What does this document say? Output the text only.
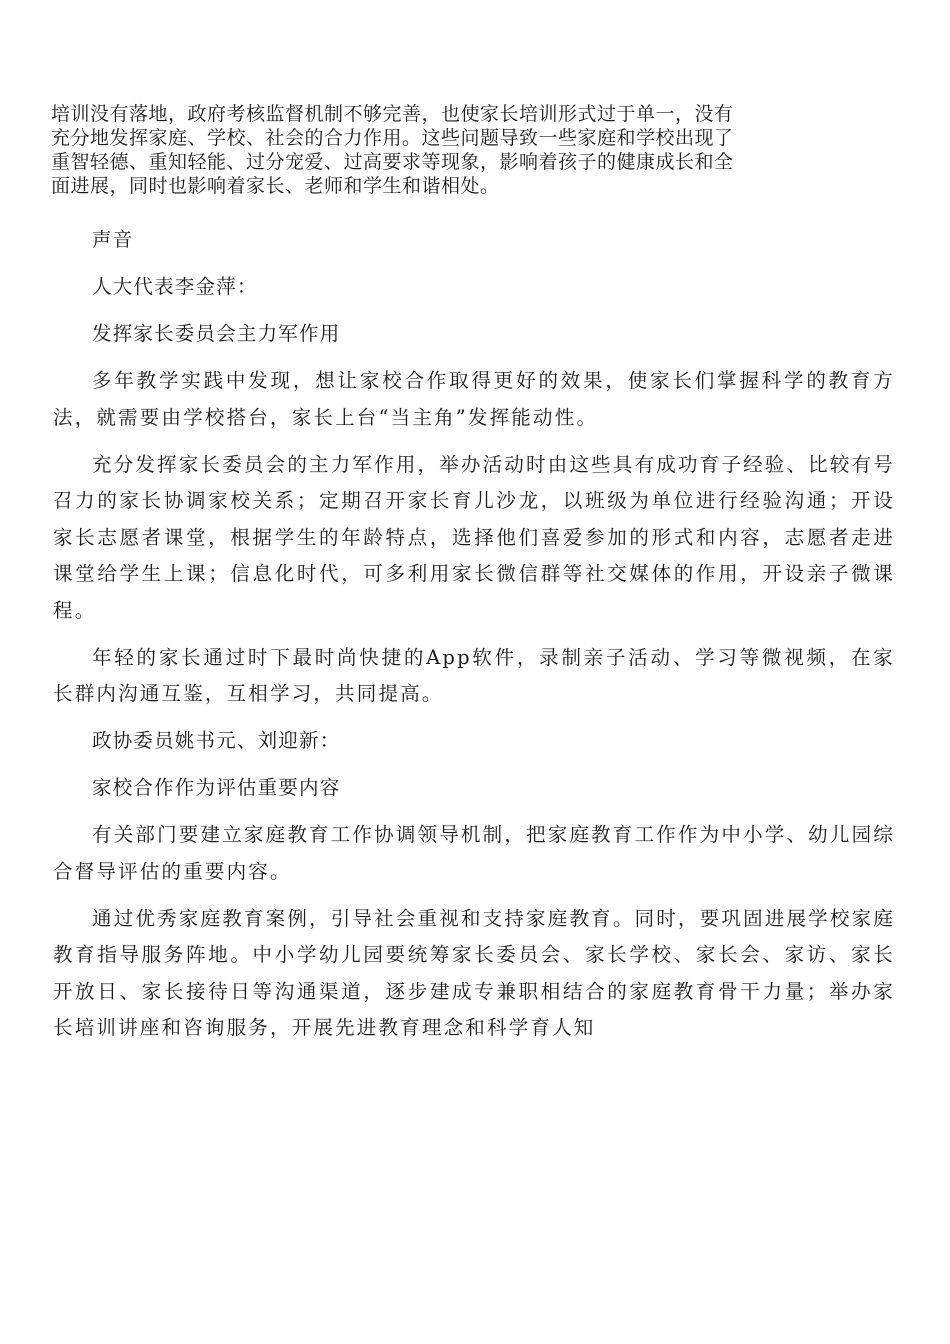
培训没有落地，政府考核监督机制不够完善，也使家长培训形式过于单一，没有
充分地发挥家庭、学校、社会的合力作用。这些问题导致一些家庭和学校出现了
重智轻德、重知轻能、过分宠爱、过高要求等现象，影响着孩子的健康成长和全
面进展，同时也影响着家长、老师和学生和谐相处。

声音

人大代表李金萍：

发挥家长委员会主力军作用

多年教学实践中发现，想让家校合作取得更好的效果，使家长们掌握科学的教育方法，就需要由学校搭台，家长上台“当主角”发挥能动性。

充分发挥家长委员会的主力军作用，举办活动时由这些具有成功育子经验、比较有号召力的家长协调家校关系；定期召开家长育儿沙龙，以班级为单位进行经验沟通；开设家长志愿者课堂，根据学生的年龄特点，选择他们喜爱参加的形式和内容，志愿者走进课堂给学生上课；信息化时代，可多利用家长微信群等社交媒体的作用，开设亲子微课程。

年轻的家长通过时下最时尚快捷的App软件，录制亲子活动、学习等微视频，在家长群内沟通互鉴，互相学习，共同提高。

政协委员姚书元、刘迎新：

家校合作作为评估重要内容

有关部门要建立家庭教育工作协调领导机制，把家庭教育工作作为中小学、幼儿园综合督导评估的重要内容。

通过优秀家庭教育案例，引导社会重视和支持家庭教育。同时，要巩固进展学校家庭教育指导服务阵地。中小学幼儿园要统筹家长委员会、家长学校、家长会、家访、家长开放日、家长接待日等沟通渠道，逐步建成专兼职相结合的家庭教育骨干力量；举办家长培训讲座和咨询服务，开展先进教育理念和科学育人知
